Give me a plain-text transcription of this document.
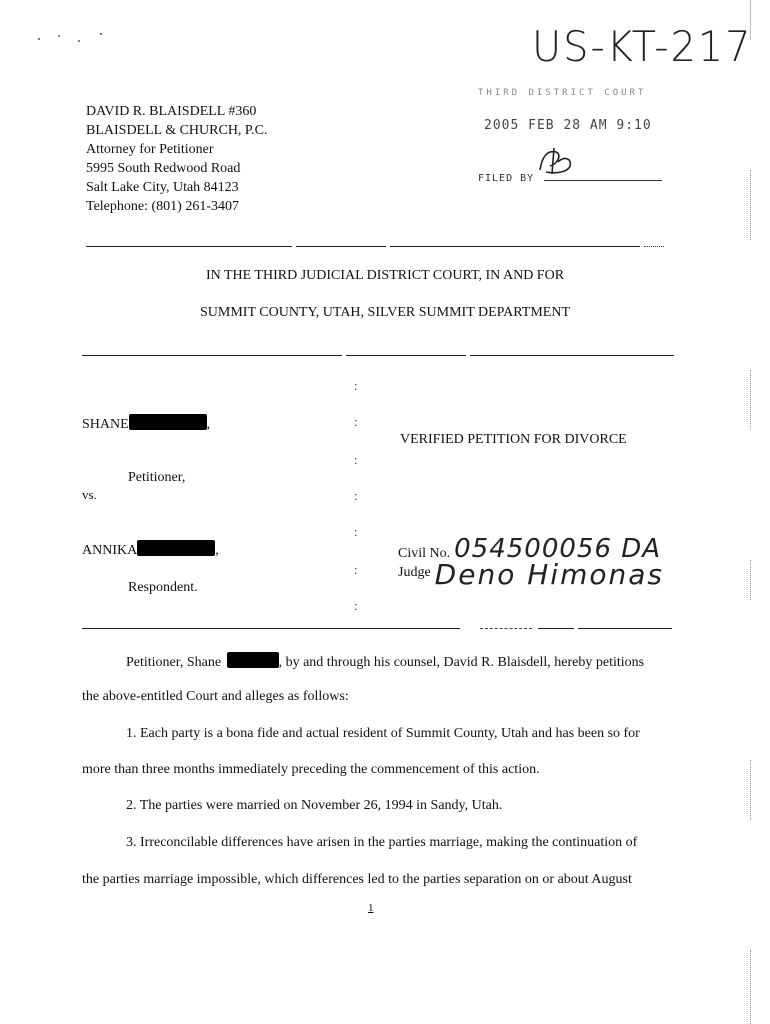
US-KT-217
DAVID R. BLAISDELL #360
BLAISDELL & CHURCH, P.C.
Attorney for Petitioner
5995 South Redwood Road
Salt Lake City, Utah 84123
Telephone: (801) 261-3407
THIRD DISTRICT COURT
2005 FEB 28 AM 9:10
FILED BY
IN THE THIRD JUDICIAL DISTRICT COURT, IN AND FOR
SUMMIT COUNTY, UTAH, SILVER SUMMIT DEPARTMENT
:
:
:
:
:
:
:
SHANE	,
Petitioner,
vs.
ANNIKA	,
Respondent.
VERIFIED PETITION FOR DIVORCE
Civil No. 054500056 DA
Judge Deno Himonas
Petitioner, Shane	, by and through his counsel, David R. Blaisdell, hereby petitions
the above-entitled Court and alleges as follows:
1. Each party is a bona fide and actual resident of Summit County, Utah and has been so for
more than three months immediately preceding the commencement of this action.
2. The parties were married on November 26, 1994 in Sandy, Utah.
3. Irreconcilable differences have arisen in the parties marriage, making the continuation of
the parties marriage impossible, which differences led to the parties separation on or about August
1
